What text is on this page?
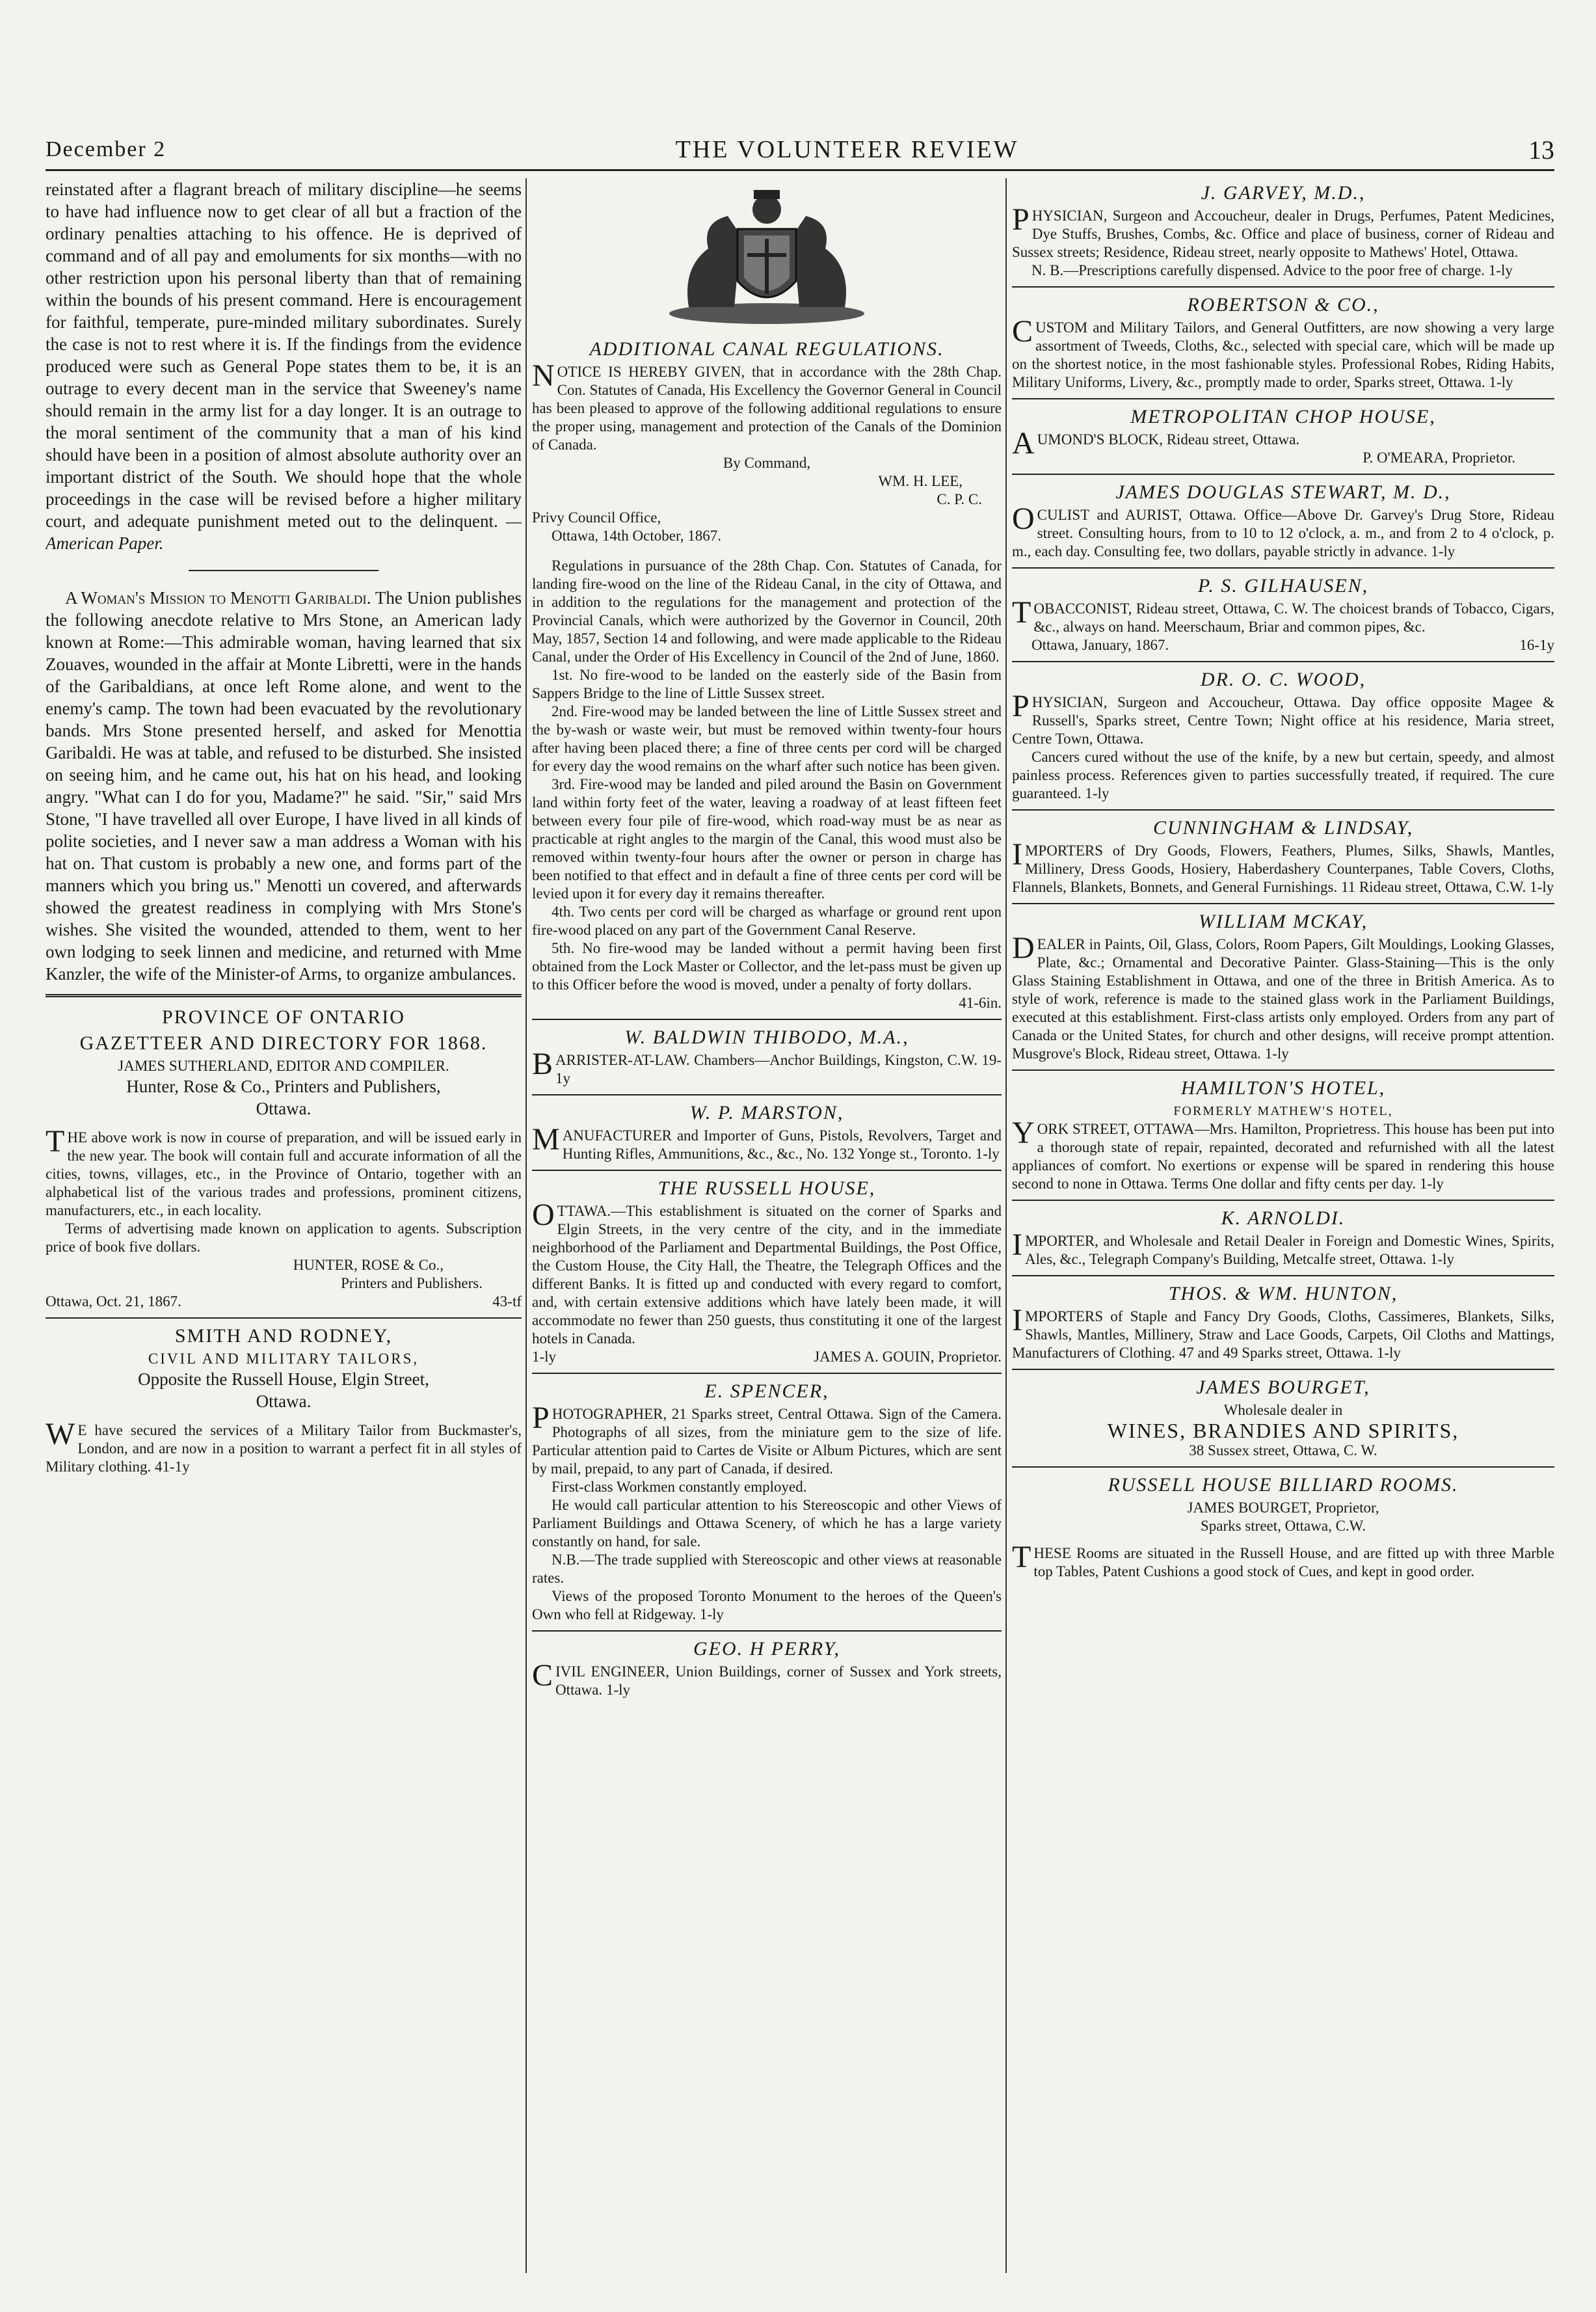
December 2	THE VOLUNTEER REVIEW	13

reinstated after a flagrant breach of military discipline—he seems to have had influence now to get clear of all but a fraction of the ordinary penalties attaching to his offence. He is deprived of command and of all pay and emoluments for six months—with no other restriction upon his personal liberty than that of remaining within the bounds of his present command. Here is encouragement for faithful, temperate, pure-minded military subordinates. Surely the case is not to rest where it is. If the findings from the evidence produced were such as General Pope states them to be, it is an outrage to every decent man in the service that Sweeney's name should remain in the army list for a day longer. It is an outrage to the moral sentiment of the community that a man of his kind should have been in a position of almost absolute authority over an important district of the South. We should hope that the whole proceedings in the case will be revised before a higher military court, and adequate punishment meted out to the delinquent. —American Paper.

A Woman's Mission to Menotti Garibaldi. The Union publishes the following anecdote relative to Mrs Stone, an American lady known at Rome:—This admirable woman, having learned that six Zouaves, wounded in the affair at Monte Libretti, were in the hands of the Garibaldians, at once left Rome alone, and went to the enemy's camp. The town had been evacuated by the revolutionary bands. Mrs Stone presented herself, and asked for Menottia Garibaldi. He was at table, and refused to be disturbed. She insisted on seeing him, and he came out, his hat on his head, and looking angry. "What can I do for you, Madame?" he said. "Sir," said Mrs Stone, "I have travelled all over Europe, I have lived in all kinds of polite societies, and I never saw a man address a Woman with his hat on. That custom is probably a new one, and forms part of the manners which you bring us." Menotti un covered, and afterwards showed the greatest readiness in complying with Mrs Stone's wishes. She visited the wounded, attended to them, went to her own lodging to seek linnen and medicine, and returned with Mme Kanzler, the wife of the Minister-of Arms, to organize ambulances.

PROVINCE OF ONTARIO
GAZETTEER AND DIRECTORY FOR 1868.
JAMES SUTHERLAND, EDITOR AND COMPILER.
Hunter, Rose & Co., Printers and Publishers,
Ottawa.

THE above work is now in course of preparation, and will be issued early in the new year. The book will contain full and accurate information of all the cities, towns, villages, etc., in the Province of Ontario, together with an alphabetical list of the various trades and professions, prominent citizens, manufacturers, etc., in each locality.

Terms of advertising made known on application to agents. Subscription price of book five dollars.

HUNTER, ROSE & Co.,
Printers and Publishers.
Ottawa, Oct. 21, 1867.	43-tf
SMITH AND RODNEY,
CIVIL AND MILITARY TAILORS,
Opposite the Russell House, Elgin Street,
Ottawa.

WE have secured the services of a Military Tailor from Buckmaster's, London, and are now in a position to warrant a perfect fit in all styles of Military clothing. 41-1y

ADDITIONAL CANAL REGULATIONS.

NOTICE IS HEREBY GIVEN, that in accordance with the 28th Chap. Con. Statutes of Canada, His Excellency the Governor General in Council has been pleased to approve of the following additional regulations to ensure the proper using, management and protection of the Canals of the Dominion of Canada.

By Command,
WM. H. LEE,
C. P. C.
Privy Council Office,
Ottawa, 14th October, 1867.

Regulations in pursuance of the 28th Chap. Con. Statutes of Canada, for landing fire-wood on the line of the Rideau Canal, in the city of Ottawa, and in addition to the regulations for the management and protection of the Provincial Canals, which were authorized by the Governor in Council, 20th May, 1857, Section 14 and following, and were made applicable to the Rideau Canal, under the Order of His Excellency in Council of the 2nd of June, 1860.

1st. No fire-wood to be landed on the easterly side of the Basin from Sappers Bridge to the line of Little Sussex street.

2nd. Fire-wood may be landed between the line of Little Sussex street and the by-wash or waste weir, but must be removed within twenty-four hours after having been placed there; a fine of three cents per cord will be charged for every day the wood remains on the wharf after such notice has been given.

3rd. Fire-wood may be landed and piled around the Basin on Government land within forty feet of the water, leaving a roadway of at least fifteen feet between every four pile of fire-wood, which road-way must be as near as practicable at right angles to the margin of the Canal, this wood must also be removed within twenty-four hours after the owner or person in charge has been notified to that effect and in default a fine of three cents per cord will be levied upon it for every day it remains thereafter.

4th. Two cents per cord will be charged as wharfage or ground rent upon fire-wood placed on any part of the Government Canal Reserve.

5th. No fire-wood may be landed without a permit having been first obtained from the Lock Master or Collector, and the let-pass must be given up to this Officer before the wood is moved, under a penalty of forty dollars.

41-6in.
W. BALDWIN THIBODO, M.A.,

BARRISTER-AT-LAW. Chambers—Anchor Buildings, Kingston, C.W. 19-1y

W. P. MARSTON,

MANUFACTURER and Importer of Guns, Pistols, Revolvers, Target and Hunting Rifles, Ammunitions, &c., &c., No. 132 Yonge st., Toronto. 1-ly

THE RUSSELL HOUSE,

OTTAWA.—This establishment is situated on the corner of Sparks and Elgin Streets, in the very centre of the city, and in the immediate neighborhood of the Parliament and Departmental Buildings, the Post Office, the Custom House, the City Hall, the Theatre, the Telegraph Offices and the different Banks. It is fitted up and conducted with every regard to comfort, and, with certain extensive additions which have lately been made, it will accommodate no fewer than 250 guests, thus constituting it one of the largest hotels in Canada.

1-ly	JAMES A. GOUIN, Proprietor.
E. SPENCER,

PHOTOGRAPHER, 21 Sparks street, Central Ottawa. Sign of the Camera. Photographs of all sizes, from the miniature gem to the size of life. Particular attention paid to Cartes de Visite or Album Pictures, which are sent by mail, prepaid, to any part of Canada, if desired.

First-class Workmen constantly employed.

He would call particular attention to his Stereoscopic and other Views of Parliament Buildings and Ottawa Scenery, of which he has a large variety constantly on hand, for sale.

N.B.—The trade supplied with Stereoscopic and other views at reasonable rates.

Views of the proposed Toronto Monument to the heroes of the Queen's Own who fell at Ridgeway. 1-ly

GEO. H PERRY,

CIVIL ENGINEER, Union Buildings, corner of Sussex and York streets, Ottawa. 1-ly

J. GARVEY, M.D.,

PHYSICIAN, Surgeon and Accoucheur, dealer in Drugs, Perfumes, Patent Medicines, Dye Stuffs, Brushes, Combs, &c. Office and place of business, corner of Rideau and Sussex streets; Residence, Rideau street, nearly opposite to Mathews' Hotel, Ottawa.

N. B.—Prescriptions carefully dispensed. Advice to the poor free of charge. 1-ly

ROBERTSON & CO.,

CUSTOM and Military Tailors, and General Outfitters, are now showing a very large assortment of Tweeds, Cloths, &c., selected with special care, which will be made up on the shortest notice, in the most fashionable styles. Professional Robes, Riding Habits, Military Uniforms, Livery, &c., promptly made to order, Sparks street, Ottawa. 1-ly

METROPOLITAN CHOP HOUSE,

AUMOND'S BLOCK, Rideau street, Ottawa.

P. O'MEARA, Proprietor.
JAMES DOUGLAS STEWART, M. D.,

OCULIST and AURIST, Ottawa. Office—Above Dr. Garvey's Drug Store, Rideau street. Consulting hours, from to 10 to 12 o'clock, a. m., and from 2 to 4 o'clock, p. m., each day. Consulting fee, two dollars, payable strictly in advance. 1-ly

P. S. GILHAUSEN,

TOBACCONIST, Rideau street, Ottawa, C. W. The choicest brands of Tobacco, Cigars, &c., always on hand. Meerschaum, Briar and common pipes, &c.

Ottawa, January, 1867.	16-1y
DR. O. C. WOOD,

PHYSICIAN, Surgeon and Accoucheur, Ottawa. Day office opposite Magee & Russell's, Sparks street, Centre Town; Night office at his residence, Maria street, Centre Town, Ottawa.

Cancers cured without the use of the knife, by a new but certain, speedy, and almost painless process. References given to parties successfully treated, if required. The cure guaranteed. 1-ly

CUNNINGHAM & LINDSAY,

IMPORTERS of Dry Goods, Flowers, Feathers, Plumes, Silks, Shawls, Mantles, Millinery, Dress Goods, Hosiery, Haberdashery Counterpanes, Table Covers, Cloths, Flannels, Blankets, Bonnets, and General Furnishings. 11 Rideau street, Ottawa, C.W. 1-ly

WILLIAM MCKAY,

DEALER in Paints, Oil, Glass, Colors, Room Papers, Gilt Mouldings, Looking Glasses, Plate, &c.; Ornamental and Decorative Painter. Glass-Staining—This is the only Glass Staining Establishment in Ottawa, and one of the three in British America. As to style of work, reference is made to the stained glass work in the Parliament Buildings, executed at this establishment. First-class artists only employed. Orders from any part of Canada or the United States, for church and other designs, will receive prompt attention. Musgrove's Block, Rideau street, Ottawa. 1-ly

HAMILTON'S HOTEL,
FORMERLY MATHEW'S HOTEL,

YORK STREET, OTTAWA—Mrs. Hamilton, Proprietress. This house has been put into a thorough state of repair, repainted, decorated and refurnished with all the latest appliances of comfort. No exertions or expense will be spared in rendering this house second to none in Ottawa. Terms One dollar and fifty cents per day. 1-ly

K. ARNOLDI.

IMPORTER, and Wholesale and Retail Dealer in Foreign and Domestic Wines, Spirits, Ales, &c., Telegraph Company's Building, Metcalfe street, Ottawa. 1-ly

THOS. & WM. HUNTON,

IMPORTERS of Staple and Fancy Dry Goods, Cloths, Cassimeres, Blankets, Silks, Shawls, Mantles, Millinery, Straw and Lace Goods, Carpets, Oil Cloths and Mattings, Manufacturers of Clothing. 47 and 49 Sparks street, Ottawa. 1-ly

JAMES BOURGET,
Wholesale dealer in
WINES, BRANDIES AND SPIRITS,
38 Sussex street, Ottawa, C. W.
RUSSELL HOUSE BILLIARD ROOMS.
JAMES BOURGET, Proprietor,
Sparks street, Ottawa, C.W.

THESE Rooms are situated in the Russell House, and are fitted up with three Marble top Tables, Patent Cushions a good stock of Cues, and kept in good order.
